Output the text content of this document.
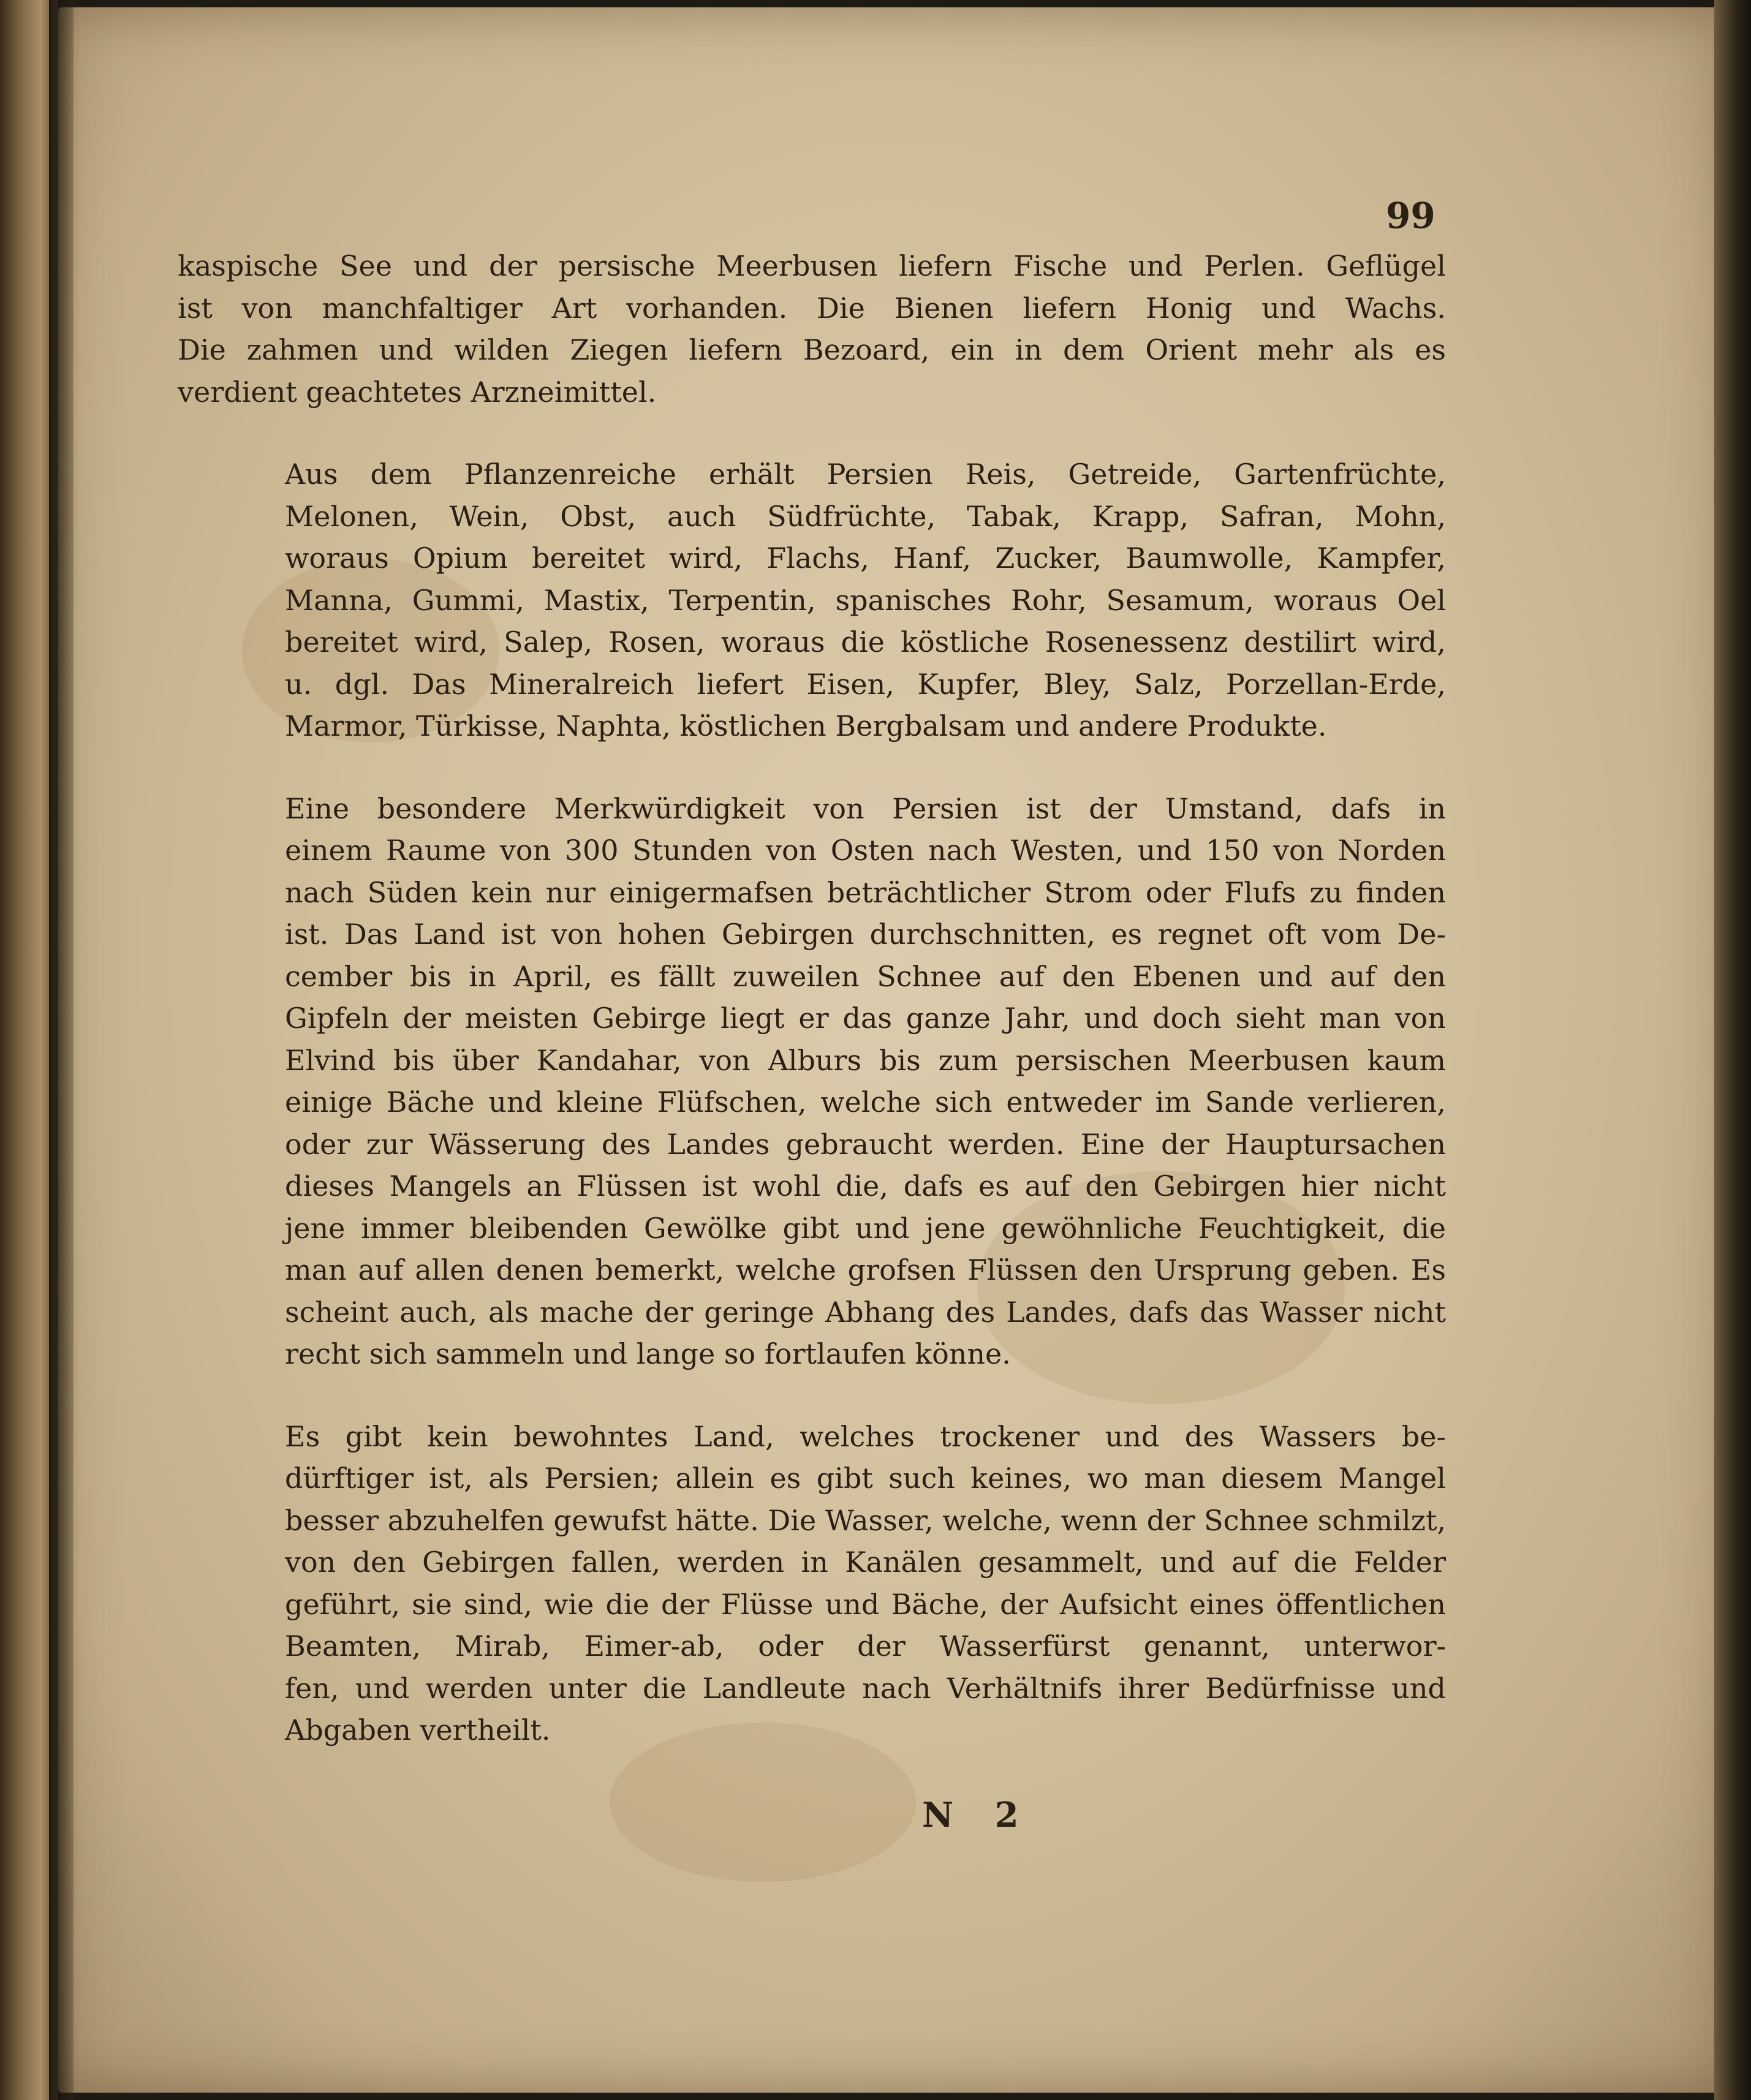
99

kaspische See und der persische Meerbusen liefern Fische und Perlen. Geflügel
ist von manchfaltiger Art vorhanden. Die Bienen liefern Honig und Wachs.
Die zahmen und wilden Ziegen liefern Bezoard, ein in dem Orient mehr als es
verdient geachtetes Arzneimittel.

Aus dem Pflanzenreiche erhält Persien Reis, Getreide, Gartenfrüchte,
Melonen, Wein, Obst, auch Südfrüchte, Tabak, Krapp, Safran, Mohn,
woraus Opium bereitet wird, Flachs, Hanf, Zucker, Baumwolle, Kampfer,
Manna, Gummi, Mastix, Terpentin, spanisches Rohr, Sesamum, woraus Oel
bereitet wird, Salep, Rosen, woraus die köstliche Rosenessenz destilirt wird,
u. dgl. Das Mineralreich liefert Eisen, Kupfer, Bley, Salz, Porzellan-Erde,
Marmor, Türkisse, Naphta, köstlichen Bergbalsam und andere Produkte.

Eine besondere Merkwürdigkeit von Persien ist der Umstand, dafs in
einem Raume von 300 Stunden von Osten nach Westen, und 150 von Norden
nach Süden kein nur einigermafsen beträchtlicher Strom oder Flufs zu finden
ist. Das Land ist von hohen Gebirgen durchschnitten, es regnet oft vom De-
cember bis in April, es fällt zuweilen Schnee auf den Ebenen und auf den
Gipfeln der meisten Gebirge liegt er das ganze Jahr, und doch sieht man von
Elvind bis über Kandahar, von Alburs bis zum persischen Meerbusen kaum
einige Bäche und kleine Flüfschen, welche sich entweder im Sande verlieren,
oder zur Wässerung des Landes gebraucht werden. Eine der Hauptursachen
dieses Mangels an Flüssen ist wohl die, dafs es auf den Gebirgen hier nicht
jene immer bleibenden Gewölke gibt und jene gewöhnliche Feuchtigkeit, die
man auf allen denen bemerkt, welche grofsen Flüssen den Ursprung geben. Es
scheint auch, als mache der geringe Abhang des Landes, dafs das Wasser nicht
recht sich sammeln und lange so fortlaufen könne.

Es gibt kein bewohntes Land, welches trockener und des Wassers be-
dürftiger ist, als Persien; allein es gibt such keines, wo man diesem Mangel
besser abzuhelfen gewufst hätte. Die Wasser, welche, wenn der Schnee schmilzt,
von den Gebirgen fallen, werden in Kanälen gesammelt, und auf die Felder
geführt, sie sind, wie die der Flüsse und Bäche, der Aufsicht eines öffentlichen
Beamten, Mirab, Eimer-ab, oder der Wasserfürst genannt, unterwor-
fen, und werden unter die Landleute nach Verhältnifs ihrer Bedürfnisse und
Abgaben vertheilt.

N 2
